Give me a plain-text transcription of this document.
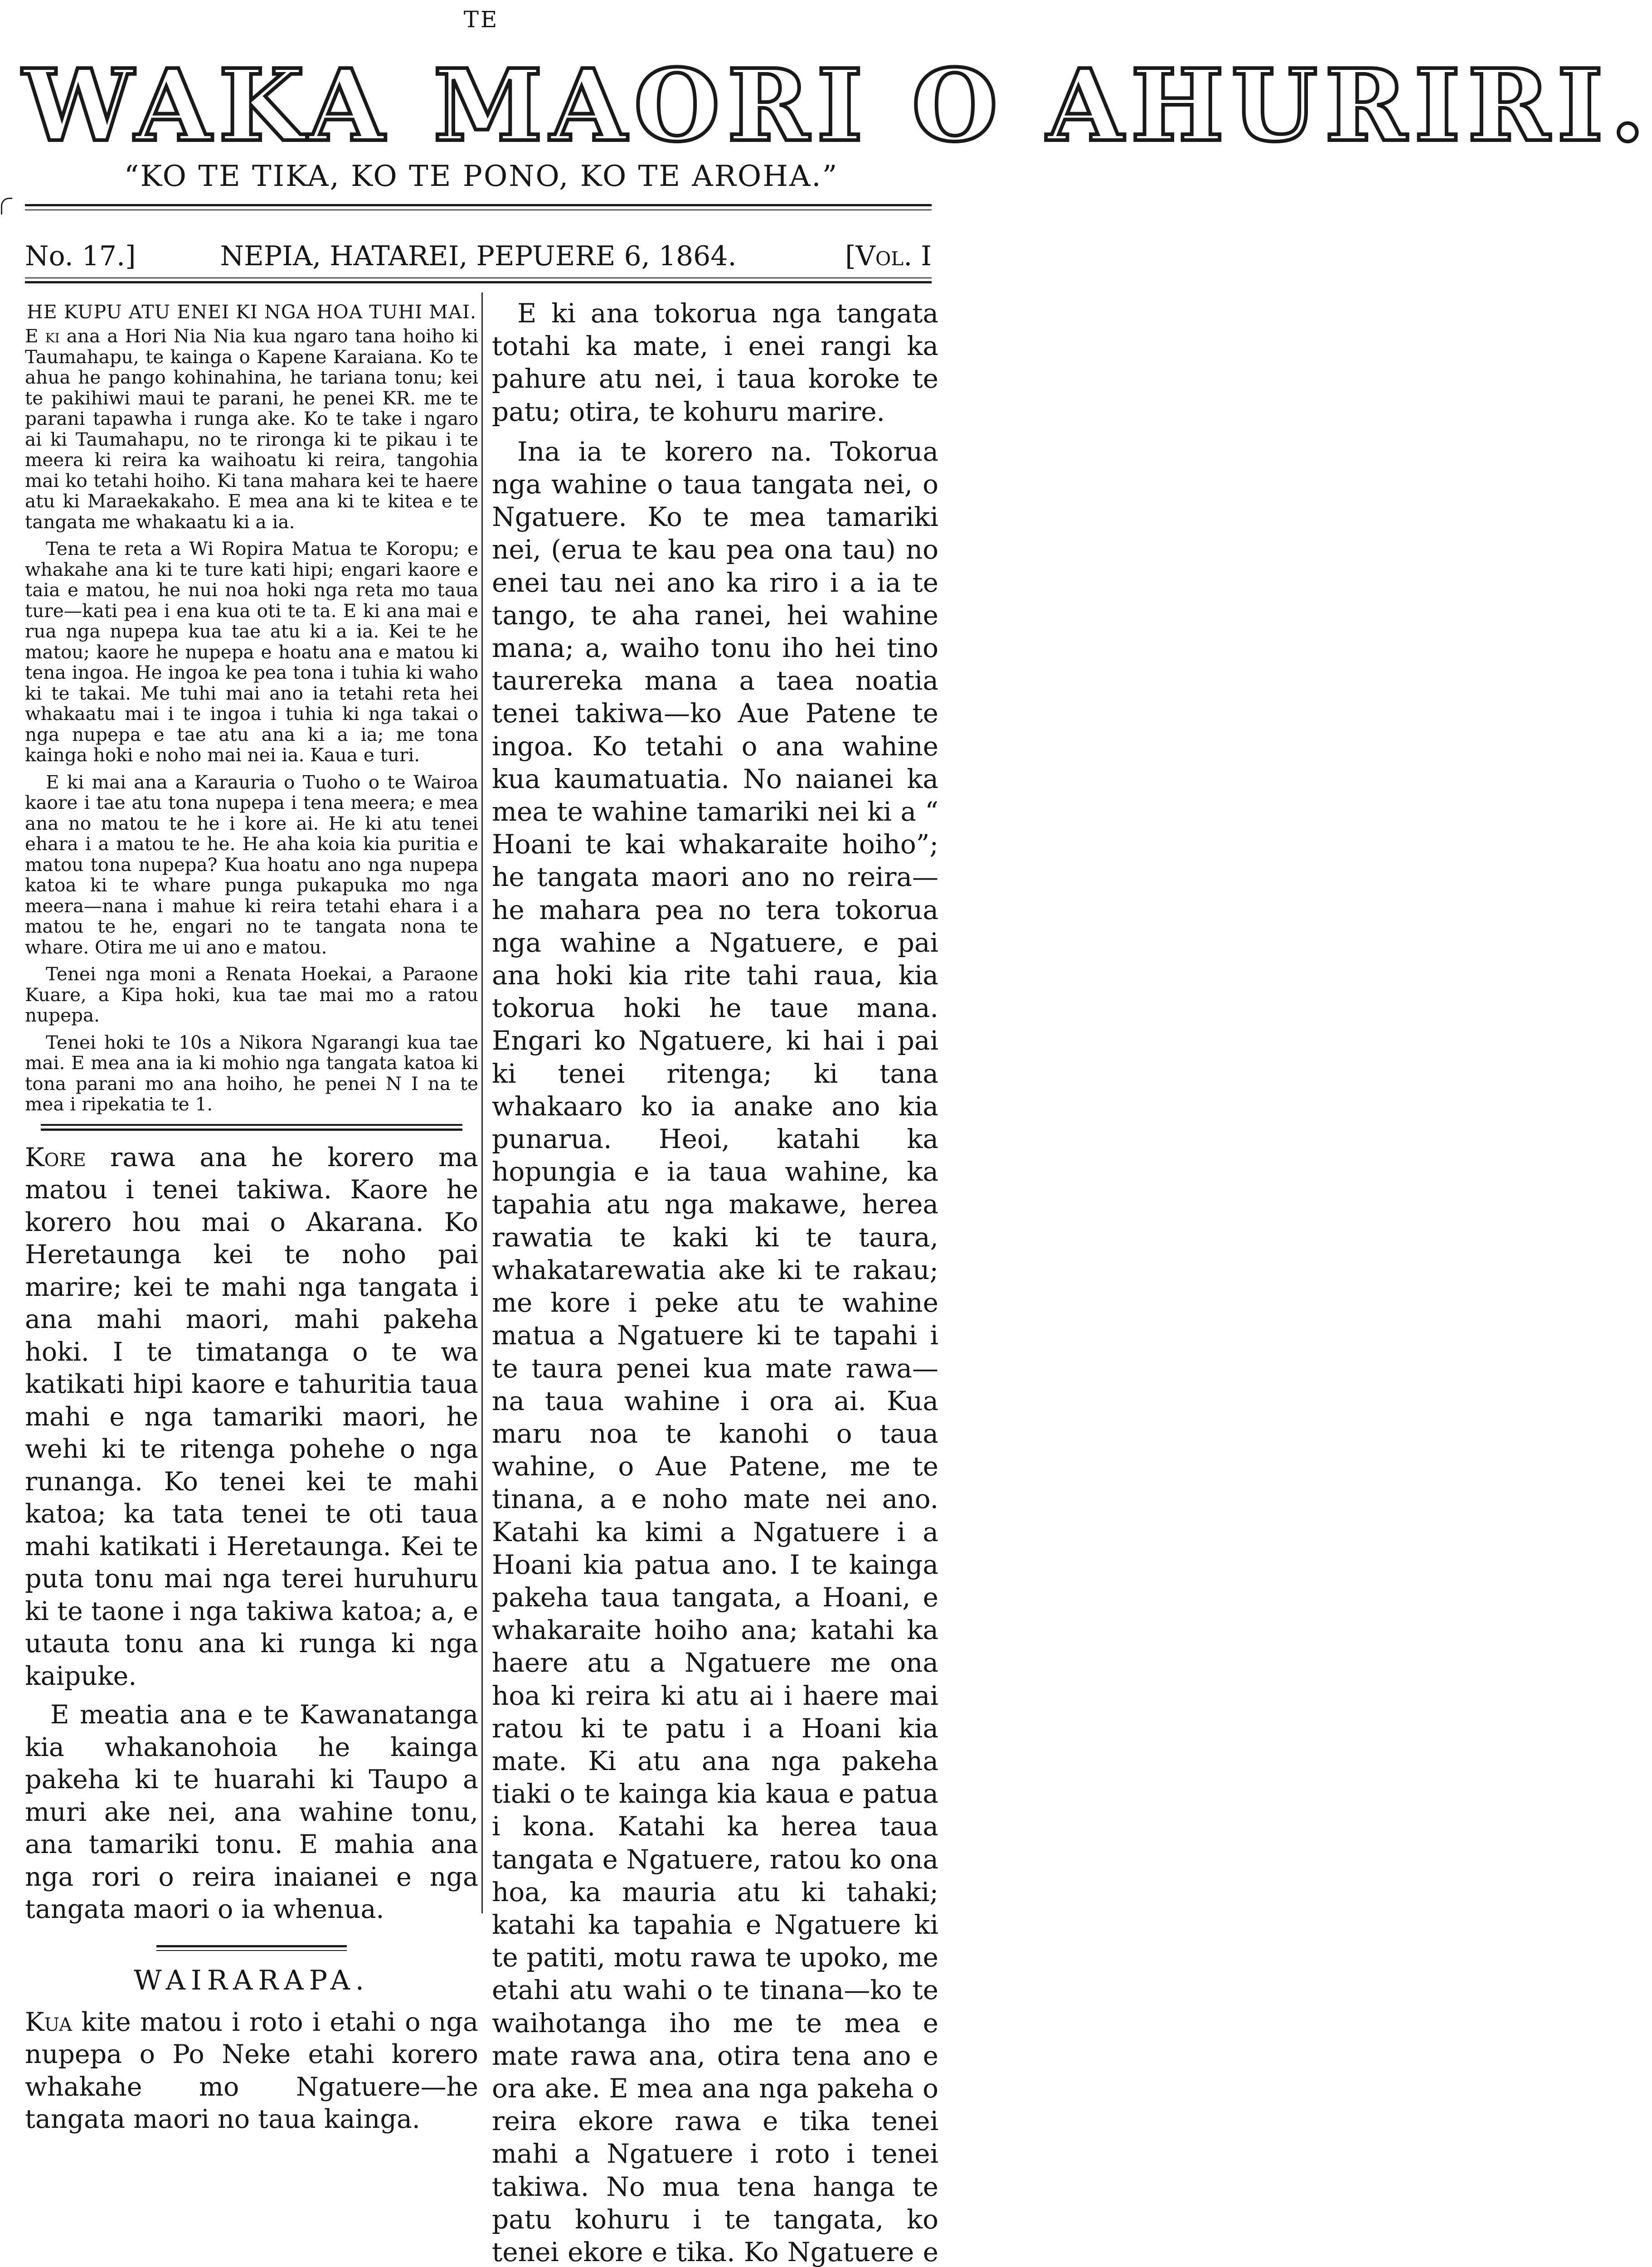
TE
WAKA MAORI O AHURIRI.
“KO TE TIKA, KO TE PONO, KO TE AROHA.”
No. 17.]	NEPIA, HATAREI, PEPUERE 6, 1864.	[Vol. I
HE KUPU ATU ENEI KI NGA HOA TUHI MAI.

E ki ana a Hori Nia Nia kua ngaro tana hoiho ki Taumahapu, te kainga o Kapene Karaiana. Ko te ahua he pango kohinahina, he tariana tonu; kei te pakihiwi maui te parani, he penei KR. me te parani tapawha i runga ake. Ko te take i ngaro ai ki Taumahapu, no te rironga ki te pikau i te meera ki reira ka waihoatu ki reira, tangohia mai ko tetahi hoiho. Ki tana mahara kei te haere atu ki Maraekakaho. E mea ana ki te kitea e te tangata me whakaatu ki a ia.

Tena te reta a Wi Ropira Matua te Koropu; e whakahe ana ki te ture kati hipi; engari kaore e taia e matou, he nui noa hoki nga reta mo taua ture—kati pea i ena kua oti te ta. E ki ana mai e rua nga nupepa kua tae atu ki a ia. Kei te he matou; kaore he nupepa e hoatu ana e matou ki tena ingoa. He ingoa ke pea tona i tuhia ki waho ki te takai. Me tuhi mai ano ia tetahi reta hei whakaatu mai i te ingoa i tuhia ki nga takai o nga nupepa e tae atu ana ki a ia; me tona kainga hoki e noho mai nei ia. Kaua e turi.

E ki mai ana a Karauria o Tuoho o te Wairoa kaore i tae atu tona nupepa i tena meera; e mea ana no matou te he i kore ai. He ki atu tenei ehara i a matou te he. He aha koia kia puritia e matou tona nupepa? Kua hoatu ano nga nupepa katoa ki te whare punga pukapuka mo nga meera—nana i mahue ki reira tetahi ehara i a matou te he, engari no te tangata nona te whare. Otira me ui ano e matou.

Tenei nga moni a Renata Hoekai, a Paraone Kuare, a Kipa hoki, kua tae mai mo a ratou nupepa.

Tenei hoki te 10s a Nikora Ngarangi kua tae mai. E mea ana ia ki mohio nga tangata katoa ki tona parani mo ana hoiho, he penei N I na te mea i ripekatia te 1.

Kore rawa ana he korero ma matou i tenei takiwa. Kaore he korero hou mai o Akarana. Ko Heretaunga kei te noho pai marire; kei te mahi nga tangata i ana mahi maori, mahi pakeha hoki. I te timatanga o te wa katikati hipi kaore e tahuritia taua mahi e nga tamariki maori, he wehi ki te ritenga pohehe o nga runanga. Ko tenei kei te mahi katoa; ka tata tenei te oti taua mahi katikati i Heretaunga. Kei te puta tonu mai nga terei huruhuru ki te taone i nga takiwa katoa; a, e utauta tonu ana ki runga ki nga kaipuke.

E meatia ana e te Kawanatanga kia whakanohoia he kainga pakeha ki te huarahi ki Taupo a muri ake nei, ana wahine tonu, ana tamariki tonu. E mahia ana nga rori o reira inaianei e nga tangata maori o ia whenua.

WAIRARAPA.

Kua kite matou i roto i etahi o nga nupepa o Po Neke etahi korero whakahe mo Ngatuere—he tangata maori no taua kainga.

E ki ana tokorua nga tangata totahi ka mate, i enei rangi ka pahure atu nei, i taua koroke te patu; otira, te kohuru marire.

Ina ia te korero na. Tokorua nga wahine o taua tangata nei, o Ngatuere. Ko te mea tamariki nei, (erua te kau pea ona tau) no enei tau nei ano ka riro i a ia te tango, te aha ranei, hei wahine mana; a, waiho tonu iho hei tino taurereka mana a taea noatia tenei takiwa—ko Aue Patene te ingoa. Ko tetahi o ana wahine kua kaumatuatia. No naianei ka mea te wahine tamariki nei ki a “ Hoani te kai whakaraite hoiho”; he tangata maori ano no reira—he mahara pea no tera tokorua nga wahine a Ngatuere, e pai ana hoki kia rite tahi raua, kia tokorua hoki he taue mana. Engari ko Ngatuere, ki hai i pai ki tenei ritenga; ki tana whakaaro ko ia anake ano kia punarua. Heoi, katahi ka hopungia e ia taua wahine, ka tapahia atu nga makawe, herea rawatia te kaki ki te taura, whakatarewatia ake ki te rakau; me kore i peke atu te wahine matua a Ngatuere ki te tapahi i te taura penei kua mate rawa—na taua wahine i ora ai. Kua maru noa te kanohi o taua wahine, o Aue Patene, me te tinana, a e noho mate nei ano. Katahi ka kimi a Ngatuere i a Hoani kia patua ano. I te kainga pakeha taua tangata, a Hoani, e whakaraite hoiho ana; katahi ka haere atu a Ngatuere me ona hoa ki reira ki atu ai i haere mai ratou ki te patu i a Hoani kia mate. Ki atu ana nga pakeha tiaki o te kainga kia kaua e patua i kona. Katahi ka herea taua tangata e Ngatuere, ratou ko ona hoa, ka mauria atu ki tahaki; katahi ka tapahia e Ngatuere ki te patiti, motu rawa te upoko, me etahi atu wahi o te tinana—ko te waihotanga iho me te mea e mate rawa ana, otira tena ano e ora ake. E mea ana nga pakeha o reira ekore rawa e tika tenei mahi a Ngatuere i roto i tenei takiwa. No mua tena hanga te patu kohuru i te tangata, ko tenei ekore e tika. Ko Ngatuere e
